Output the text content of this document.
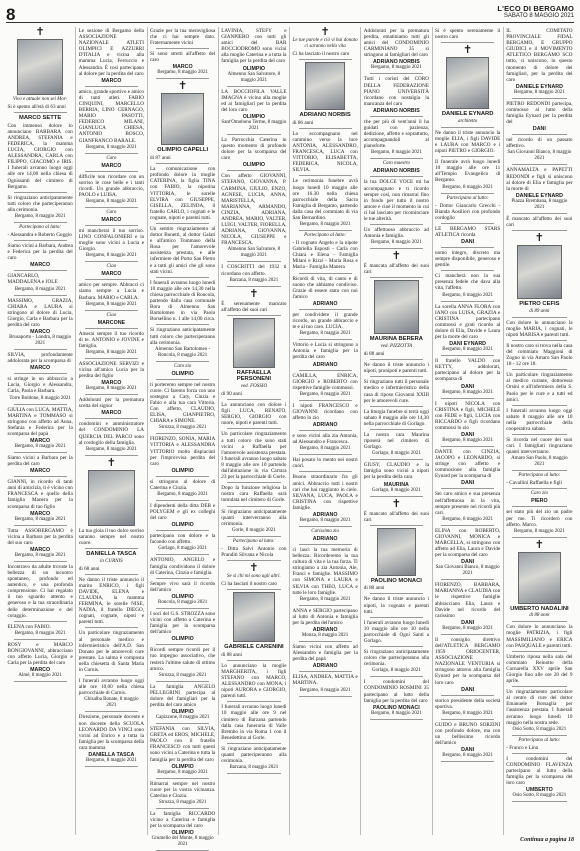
8	L'ECO DI BERGAMO
SABATO 8 MAGGIO 2021
✝
Vivo e attuale non sei Mor-
Si è spento all'età di 63 anni
MARCO SETTE
Con immenso dolore lo annunciano BARBARA con ANDREA, STEFANIA e FEDERICA, la mamma LUCIA, GIORGIO con ALESSANDRA, CARLA con FILIPPO, GIACOMO e IRIS. I funerali avranno luogo oggi alle ore 14,00 nella chiesa di Ognissanti del cimitero di Bergamo.
Si ringraziano anticipatamente tutti coloro che parteciperanno alla cerimonia.
Bergamo, 8 maggio 2021
Partecipano al lutto:
- Alessandra e Roberto Goggio
Siamo vicini a Barbara, Andrea e Federica per la perdita del caro
MARCO
GIANCARLO, MADDALENA e JOLE
Bergamo, 8 maggio 2021
MASSIMO, GRAZIA, CHIARA e LAURA si stringono al dolore di Lucia, Giorgio, Carla e Barbara per la perdita del caro
MARCO
Brusaporto - Londra, 8 maggio 2021
SILVIA, profondamente addolorata per la scomparsa di
MARCO
si stringe in un abbraccio a Lucia, Giorgio e Alessandra, Carla, Paola e Barbara.
Torre Boldone, 8 maggio 2021
GIULIA con LUCA, MATTIA, MARTINA e TOMMASO si stringono con affetto ad Anna, Stefania e Federica per la scomparsa del papà
MARCO
Bergamo, 8 maggio 2021
Siamo vicini a Barbara per la perdita del caro
MARCO
GIANNI, in ricordo di tanti anni di amicizia, ti è vicino con FRANCESCA e quello della famiglia Manera per la scomparsa di tuo figlio
MARCO
Bergamo, 8 maggio 2021
Tutta ASSOBERGAMO è vicina a Barbara per la perdita del suo caro
MARCO
Bergamo, 8 maggio 2021
Incontravo da adulte trovate la bellezza di un incontro spontaneo, profondo ed autentico, e una profonda comprensione. Ci hai regalato il tuo sguardo attento e generoso e la tua straordinaria delle determinazione e del coraggio.
ELENA con FABIO.
Bergamo, 8 maggio 2021
ROSY e MARCO BONGIOVANNI, abbracciano con affetto Lucia, Giorgio e Carla per la perdita del caro
MARCO
Almè, 8 maggio 2021
Le sezione di Bergamo della ASSOCIAZIONE NAZIONALE ATLETI OLIMPICI E AZZURRI D'ITALIA e vicina alla mamma Lucia, Ferruccio e Alessandra. È così partecipano al dolore per la perdita del caro
MARCO
amico, grande sportivo e amico di tanti atleti. FABIO CINQUINI, MARCELLO BERRIA, LINO CERNAGO, MARIO PASOTTI, FEDERICO MILANI, GIANLUCA CHIESA, ANTONIO BOSCO, GIANFRANCO BARALE.
Bergamo, 8 maggio 2021
Caro
MARCO
difficile non ricordare con un sorriso le cose belle e i tanti ricordi. Un grande abbraccio, PAOLO e LUISA.
Bergamo, 8 maggio 2021
Caro
MARCO
mi mancherai il tuo sorriso. LINO CONFALONIERI e la moglie sono vicini a Lucia e Giorgio.
Bergamo, 8 maggio 2021
Ciao
MARCO
amico per sempre. Abbracci ci siamo sempre a Lucia e Barbara. MARIO e CARLA.
Bergamo, 8 maggio 2021
Ciao
MARCONE
Amerai sempre il tuo ricordo di te. ANTONIO e JOVINE e famiglia.
Bergamo, 8 maggio 2021
ASSOCIAZIONE SERVIZI e vicina all'amico Lucia per la perdita del figlio
MARCO
Bergamo, 8 maggio 2021
Addolorati per la prematura scelta del signor
MARCO
condomini e amministratore del CONDOMINIO LA QUERCIA DEL PARCO sono al cordoglio della famiglia.
Bergamo, 8 maggio 2021
✝
La tua gioia il tuo dolce sorriso saranno sempre nel nostro cuore.
DANIELLA TASCA
in CURNIS
di 68 anni
Ne danno il triste annuncio il marito ENRICO, i figli DAVIDE, ELENA e CLAUDIA, la mamma FERMINA, le sorelle NISE, NADIA, il fratello DIEGO, cognati, cognate, nipoti e parenti tutti.
Un particolare ringraziamento al personale medico e infermieristico dell'A.D. San Donato per le amorevoli cure prestate. La salma è composta nella chiesetta di Santa Maria in Curnis.
I funerali avranno luogo oggi alle ore 10,00 nella chiesa parrocchiale di Curnis.
Ghisalba Bonate, 8 maggio 2021
Direzione, personale docente e non docente della SCUOLA LEONARDO DA VINCI sono vicini ad Enrico e a tutta la famiglia per la scomparsa della cara mamma
DANIELLA TASCA
Bergamo, 8 maggio 2021
Grazie per la tua meravigliosa che ci hai sempre dato. Fraternamente vicini
Si sono stretti all'affetto del caro
MARCO
Bergamo, 8 maggio 2021
✝
OLIMPIO CAPELLI
di 87 anni
La comunicazione con profondo dolore la moglie CATERINA, la figlia TINA con FABIO, la nipotina VITTORIA, le sorelle ELVIRA con GIUSEPPE, GISELLA, ZELINDA, il fratello CARLO, i cognati e le cognate, nipoti e parenti tutti.
Un sentito ringraziamento al dottor Bonetti, al dottor Galati e all'amico Tommaso della Rosa per l'amorevole assistenza prestata, e alle infermiere del Porto San Pietro e a tutti gli amici che gli sono stati vicini.
I funerali avranno luogo lunedì 10 maggio alle ore 14,30 nella chiesa parrocchiale di Roncola, partendo dalla casa comunale Bora di Almenno San Bartolomeo in via Paolo Borsellino n. 1 alle 14,00 circa.
Si ringraziano anticipatamente tutti coloro che parteciperanno alla cerimonia.
Almenno San Bartolomeo - Roncola, 8 maggio 2021
Caro zio
OLIMPIO
ti porteremo sempre nel nostro cuore. Ci faremo forza con uno sostegno a Caty, Cinzia e Fabio e alla tua cara Vittoria. Con affetto, CLAUDIO, ELISA, GIANPIETRO, CHIARA e SIMONE.
Strozza, 8 maggio 2021
FIORENZO, SONIA, MARIA VITTORIA e ALESSANDRA VITTORIO molto dispiaciuti per l'improvvisa perdita del caro
OLIMPIO
si stringono al dolore di Caterina e Cinzia.
Bergamo, 8 maggio 2021
I dipendenti della ditta DEB e POLYGEM e gli ex colleghi del caro
OLIMPIO
partecipano con dolore e la facondo con affetto.
Gorlago, 8 maggio 2021
ANTONIO, ANGELO e famiglia condividono il dolore di Caterina, Cinzia e famiglia.
Sempre vivo sarà il ricordo dell'amico
OLIMPIO
Roncola, 8 maggio 2021
I soci del G.S. STROZZA sono vicini con affetto a Caterina e famiglia per la scomparsa dell'amico
OLIMPIO
Ricordi sempre ricordi per il tuo impegno associativo, che resterà l'ultime salute di ottimo amico.
Strozza, 8 maggio 2021
La famiglia ANGELO PELLEGRINI partecipa al dolore dei famigliari per la perdita del caro amico
OLIMPIO
Capizzone, 8 maggio 2021
STEFANIA con SILVIA, GRETA ed EROS, MICHELE, PAOLO con il fratello FRANCESCO con tutti questi sono vicini a Caterina e tutta la famiglia per la perdita del caro
OLIMPIO
Bergamo, 8 maggio 2021
Rimarrai sempre nel nostro cuore per la vostra vicinanza. Caterina e Cinzia.
Strozza, 8 maggio 2021
La famiglia RICCARDO vicino a Caterina e famiglia per la scomparsa del caro
OLIMPIO
Grumello del Monte, 8 maggio 2021
LAVINIA, STEFY e GIANPIERO con tutti gli amici del BAR BOCCIODROMO sono vicini alla moglie Caterina e a tutta la famiglia per la perdita del caro
OLIMPIO
Almenno San Salvatore, 8 maggio 2021
LA BOCCIOFILA VALLE IMAGNA è vicina alla moglie ed ai famigliari per la perdita del loro caro
OLIMPIO
Sant'Omobono Terme, 8 maggio 2021
La Parrocchia Caterina in questo momento di profondo dolore per la scomparsa del caro
OLIMPIO
Con affetto GIOVANNI, STEFANO, GIOVANNA, P. CARMINA, GIULIO, ENZO, AGNESE, LUCIA, ANNA, MARISTELLA, MARIANNA, ARMANDO, CINZIA, ADRIANA, ANDREA, MARIO, VALTER, LUIGI, VALTER, FIORELLA, ADRIANA, GIOVANNA, NICOLA, GIUSEPPE e FRANCESCA.
Almenno San Salvatore, 8 maggio 2021
I COSCRITTI del 1932 ti ricordano con affetto.
Barzana, 8 maggio 2021
✝
È serenamente mancato all'affetto dei suoi cari
RAFFAELLA PERSONENI
ved. FOSSIO
di 90 anni
La annunciano con dolore i figli LUCA, RENATO, SERGIO, GIORGIO con nuore, nipoti e parenti tutti.
Un particolare ringraziamento a tutti coloro che sono stati vicini a Raffaella per l'amorevole assistenza prestata. I funerali avranno luogo sabato 8 maggio alle ore 10 partendo dall'abitazione in via Carrara 23 per la parrocchiale di Gorle.
Dopo la funzione religiosa la nostra cara Raffaella sarà tumulata nel cimitero di Gorle.
Si ringraziano anticipatamente quanti interverranno alla cerimonia.
Gorle, 8 maggio 2021
Partecipano al lutto:
- Ditta Salvi Antonio con Pranditi Silvana e Nicola
✝
Se si chi mi sono agli altri.
Ci ha lasciati il nostro caro
GABRIELE CARENINI
di 88 anni
Lo annunciano la moglie MARGHERITA, i figli STEFANO con MARCO, ALESSANDRO con MONA, i nipoti AURORA e GIORGIO, parenti tutti.
I funerali avranno luogo lunedì 10 maggio alle ore 9 nel cimitero di Barzana partendo dalla casa funeraria di Valle Brembo in via Roma 1 con il Benedettino al Gorle.
Si ringraziano anticipatamente quanti parteciperanno alla cerimonia.
Barzana, 8 maggio 2021
✝
Le tue parole e ciò vi hai donato ci saranno nella vita
Ci ha lasciato il nostro caro
ADRIANO NORBIS
di 86 anni
Lo accompagnano nel cammino verso la luce ANTONIA, ALESSANDRO, FRANCESCA, LUCA con VITTORIO, ELISABETTA, FEDERICA, NICOLA, SILVIA.
Le cerimonia funebre avrà luogo lunedì 10 maggio alle ore 16.30 nella chiesa parrocchiale della Sacra Famiglia di Bergamo, partendo dalla casa del commiato di via San Bernardino.
Bergamo, 8 maggio 2021
Partecipano al lutto:
- Il cognato Angelo e la nipote Gabriella Esposti - Carla con Chiara e Elena - Famiglia Milani e Rizzi - Maria Rosa e Maria - Famiglia Manera
Ricordi di vita, di canto e di suono che abbiamo condiviso. Grazie di essere stato con noi l'amico
ADRIANO
per condividere il grande ricordo, un grande abbraccio e te e al tuo caro. LUCIA.
Bergamo, 8 maggio 2021
Vittorio e Lucia si stringono a Antonia e famiglia per la perdita del caro
ADRIANO
CAMILLA, ENRICA, GIORGIO e ROBERTO con rispettive famiglie commossi.
Bergamo, 8 maggio 2021
I nipoti FRANCESCO e GIOVANNI ricordano con affetto lo zio
ADRIANO
e sono vicini alla zia Antonia, ad Alessandro e Francesca.
Bergamo, 8 maggio 2021
Hai posato lo mento nei nostri cuori.
Buono straordinario fra gli amici. Abbraccio tutti i nostri cari che hai raggiunto in cielo. SILVANA, LUCA, PAOLA e CRISTINA con rispettive famiglie.
ADRIANO
Bergamo, 8 maggio 2021
Carissimo zio
ADRIANO
ci lasci la tua memoria di bellezza. Ricorderemo la tua cultura di vita e la tua forza. Ti stringiamo a zia Antonia, Ale, Franci e famiglie. MASSIMO con SIMONA e LAURA e SILVIA con THEO, LUCA e tutte le loro famiglie.
Bergamo, 8 maggio 2021
ANNA e SERGIO partecipano al lutto di Antonia e famiglia per la perdita dell'amico
ADRIANO
Monza, 8 maggio 2021
Siamo vicini con affetto ad Alessandro e famiglia per la perdita del papà
ADRIANO
ELISA, ANDREA, MATTIA e MARTINA.
Bergamo, 8 maggio 2021
Addolorati per la prematura perdita, ematiniamo tutti gli amici del CONDOMINIO CARMINIANO 35 si stringono ai famigliari del caro
ADRIANO NORBIS
Bergamo, 8 maggio 2021
Tutti i coristi del CORO DELLA FEDERAZIONE PIANO UNIVERSITÀ ricordano con nostalgia la mancanza del caro
ADRIANO NORBIS
che per più di vent'anni il ha guidati con pazienza, dedizione, affetto e soprattutto, accompagnandoli al pianoforte.
Bergamo, 8 maggio 2021
Caro maestro
ADRIANO NORBIS
la tua DOLCE VOCE mi ha accompagnato e ti ricordo sempre così, non rimarrai fino in fondo per tutto il nostro amore e cioè il momento in cui ci hai lasciato per ricominciare le tue alterità.
Un affettuoso abbraccio ad Antonia e famiglia.
Bergamo, 8 maggio 2021
✝
È mancata all'affetto dei suoi cari
MAURINA BERERA
ved. PIZZOTTA
di 88 anni
Ne danno il triste annuncio i nipoti, pronipoti e parenti tutti.
Si ringraziano tutti il personale medico e infermieristico della casa di riposo Giovanni XXIII per le amorevoli cure.
La liturgia funebre si terrà oggi sabato 8 maggio alle ore 14,30 nella parrocchiale di Gorlago.
La nostra cara Maurina riposerà nel cimitero di Gorlago.
Gorlago, 8 maggio 2021
GIUSY, CLAUDIO e la famiglia sono vicini a nipoti per la perdita della cara
MAURINA
Gorlago, 8 maggio 2021
✝
È mancato all'affetto dei suoi cari
PAOLINO MONACI
di 80 anni
Ne danno il triste annuncio i nipoti, la cognata e parenti tutti.
I funerali avranno luogo lunedì 10 maggio alle ore 10 nella parrocchiale di Ogni Santi a Gorlago.
Si ringraziano anticipatamente coloro che parteciperanno alla cerimonia.
Gorlago, 8 maggio 2021
I condomini del CONDOMINIO ROSMINI 35 partecipano al lutto della famiglia per la perdita del caro
PAOLINO MONACI
Bergamo, 8 maggio 2021
Si è spento serenamente il nostro caro
✝
DANIELE EYNARD
architetto
Ne danno il triste annuncio la moglie ELIA, i figli DAVIDE e LAURA con MARCO e i nipoti PIETRO e GIORGIO.
Il funerale avrà luogo lunedì 10 maggio alle ore 11 all'Tempio Evangelico di Bergamo.
Bergamo, 8 maggio 2021
Partecipano al lutto:
- Dottor Giancarlo Grecchi - Bianda Aosiliori con profondo cordoglio
LE BERGAMO STARS ATLETICA ricorda
DANI
uomo integro, discreto ma sempre disponibile, generoso e gentile.
Ci mancherà non la sua presenza fedele che dava alla vita, l'affetto.
Bergamo, 8 maggio 2021
La sorella ANNA FLORA con IANO con LUISA, GRAZIA e CRISTINA partecipano commossi e grati ricordo al dolore di Elia, Davide e Laura per la morte del caro
DANI EYNARD
Bergamo, 8 maggio 2021
Il fratello VALDO con KETTY, addolorati, partecipano al dolore per la scomparsa di
DANI
Bergamo, 8 maggio 2021
I nipoti NICOLA con CRISTINA e figli, MICHELE con FEDE e figli, LUCIA con RICCARDO e figli ricordano commossi lo zio
DANI
Bergamo, 8 maggio 2021
DANTE con CINZIA, JACOPO e LEONARDO, si stringe con affetto e commozione alla famiglia Eynard per la scomparsa di
DANI
Sei caro amico e sua presenza nell'affettuosa in la vita, sempre presente nei ricordi più cari.
Bergamo, 8 maggio 2021
ELINA con ROBERTO, GIOVANNI, MONICA e MARCELLA, si stringono con affetto ad Elia, Laura e Davide per la scomparsa del caro
DANI
San Giovanni Bianco, 8 maggio 2021
FIORENZO, BARBARA, MARIANNA e CLAUDIA con le rispettive famiglie abbracciano Elia, Laura e Davide nel ricordo del carissimo
DANI
Bergamo, 8 maggio 2021
Il consiglio direttivo dell'ATLETICA BERGAMO 1959 ORIOCENTER, ASSOCIAZIONE NAZIONALE VENTURIA si stringono attorno alla famiglia Eynard per la scomparsa del loro caro
DANI
storico presidente della società sportiva.
Bergamo, 8 maggio 2021
GUIDO e BRUNO SORZINI con profondo dolore, ma con un bellissimo ricordo dell'amico
DANI
Bergamo, 8 maggio 2021
IL COMITATO PROVINCIALE FIDAL BERGAMO, E GRUPPO GIUDICI e il MOVIMENTO ATLETICO BERGAMO SCO tutto, ci uniscono, in questo momento di dolore dei famigliari, per la perdita del caro
DANIELE EYNARD
Bergamo, 8 maggio 2021
PIETRO REDONDI partecipa, commosso al lutto della famiglia Eynard per la perdita del
DANI
nel ricordo di un passato affettivo.
San Giovanni Bianco, 8 maggio 2021
ANNAMALTA e PAPETTI REDONDI e figli si uniscono al dolore di Elia e famiglia per la morte di
DANIELE EYNARD
Piazza Brembana, 8 maggio 2021
È mancato all'affetto dei suoi cari
✝
PIETRO CEFIS
di 89 anni
Con dolore lo annunciano la moglie MARIA, i cognati, le nipoti MARISA e parenti tutti.
Il nostro caro si trova nella casa del commiato Maggioni di Zogno in via Amaro San Paolo 18 - 12 ore 18.
Un particolare ringraziamento al medico curante, dottoressa Orsini e all'infermiera della S. Paolo per le cure e a tutti ed amici.
I funerali avranno luogo oggi sabato 8 maggio alle ore 10 nella parrocchiale della cooperativa sabato.
Si ricorda nel cuore dei suoi cari. I famigliari ringraziano quanti interverranno.
Amaro San Paolo, 8 maggio 2021
Partecipano al lutto:
- Cavallini Raffaella e figli
Caro zio
PIERO
sei stato più del zio un padre per me. Ti ricorderò con affetto. Marco.
Bergamo, 8 maggio 2021
✝
UMBERTO NADALINI
di 88 anni
Con dolore lo annunciano la moglie PATRIZIA, i figli MASSIMILIANO e ERICA con PASQUALE e parenti tutti.
Umberto riposa nella sala del commiato Reinotto della Cornarella XXV aprile San Giorgio fino alle ore 20 del 9 aprile.
Un ringraziamento particolare al centro di cure del dottor Emanuele Borsaglia per l'assistenza prestata. I funerali avranno luogo lunedì 10 maggio nella nostra sede.
Osio Sotto, 8 maggio 2021
Partecipano al lutto:
- Franco e Lina
I condomini del CONDOMINIO FLAVENZA partecipano al lutto della famiglia per la scomparsa del loro caro
UMBERTO
Osio Sotto, 8 maggio 2021
Continua a pagina 18
